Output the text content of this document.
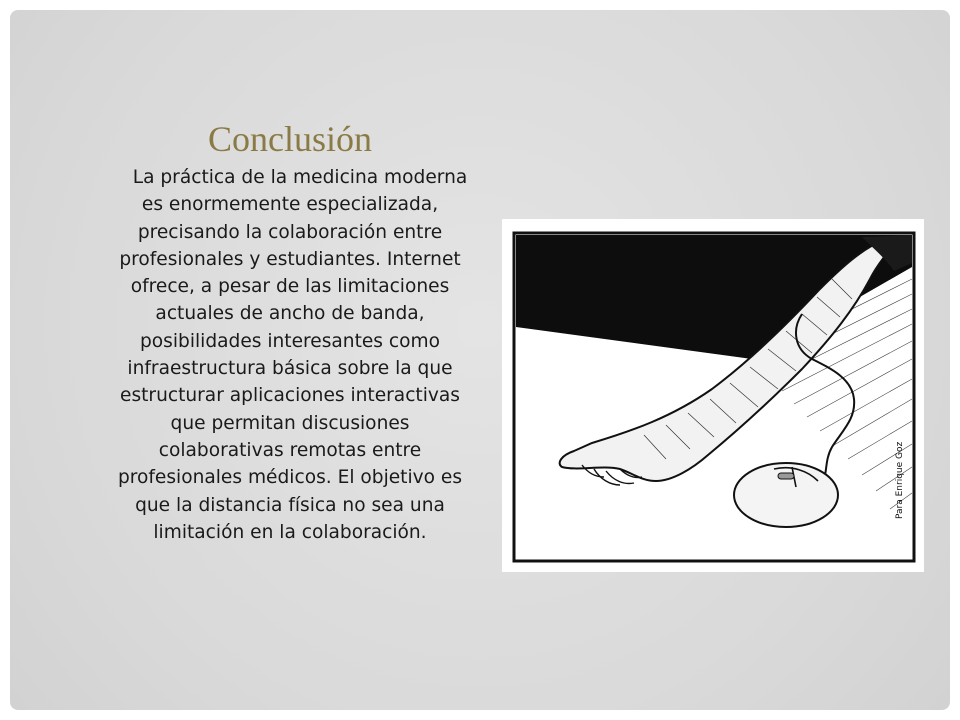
Conclusión

La práctica de la medicina moderna es enormemente especializada, precisando la colaboración entre profesionales y estudiantes. Internet ofrece, a pesar de las limitaciones actuales de ancho de banda, posibilidades interesantes como infraestructura básica sobre la que estructurar aplicaciones interactivas que permitan discusiones colaborativas remotas entre profesionales médicos. El objetivo es que la distancia física no sea una limitación en la colaboración.

Para Enrique Goz
